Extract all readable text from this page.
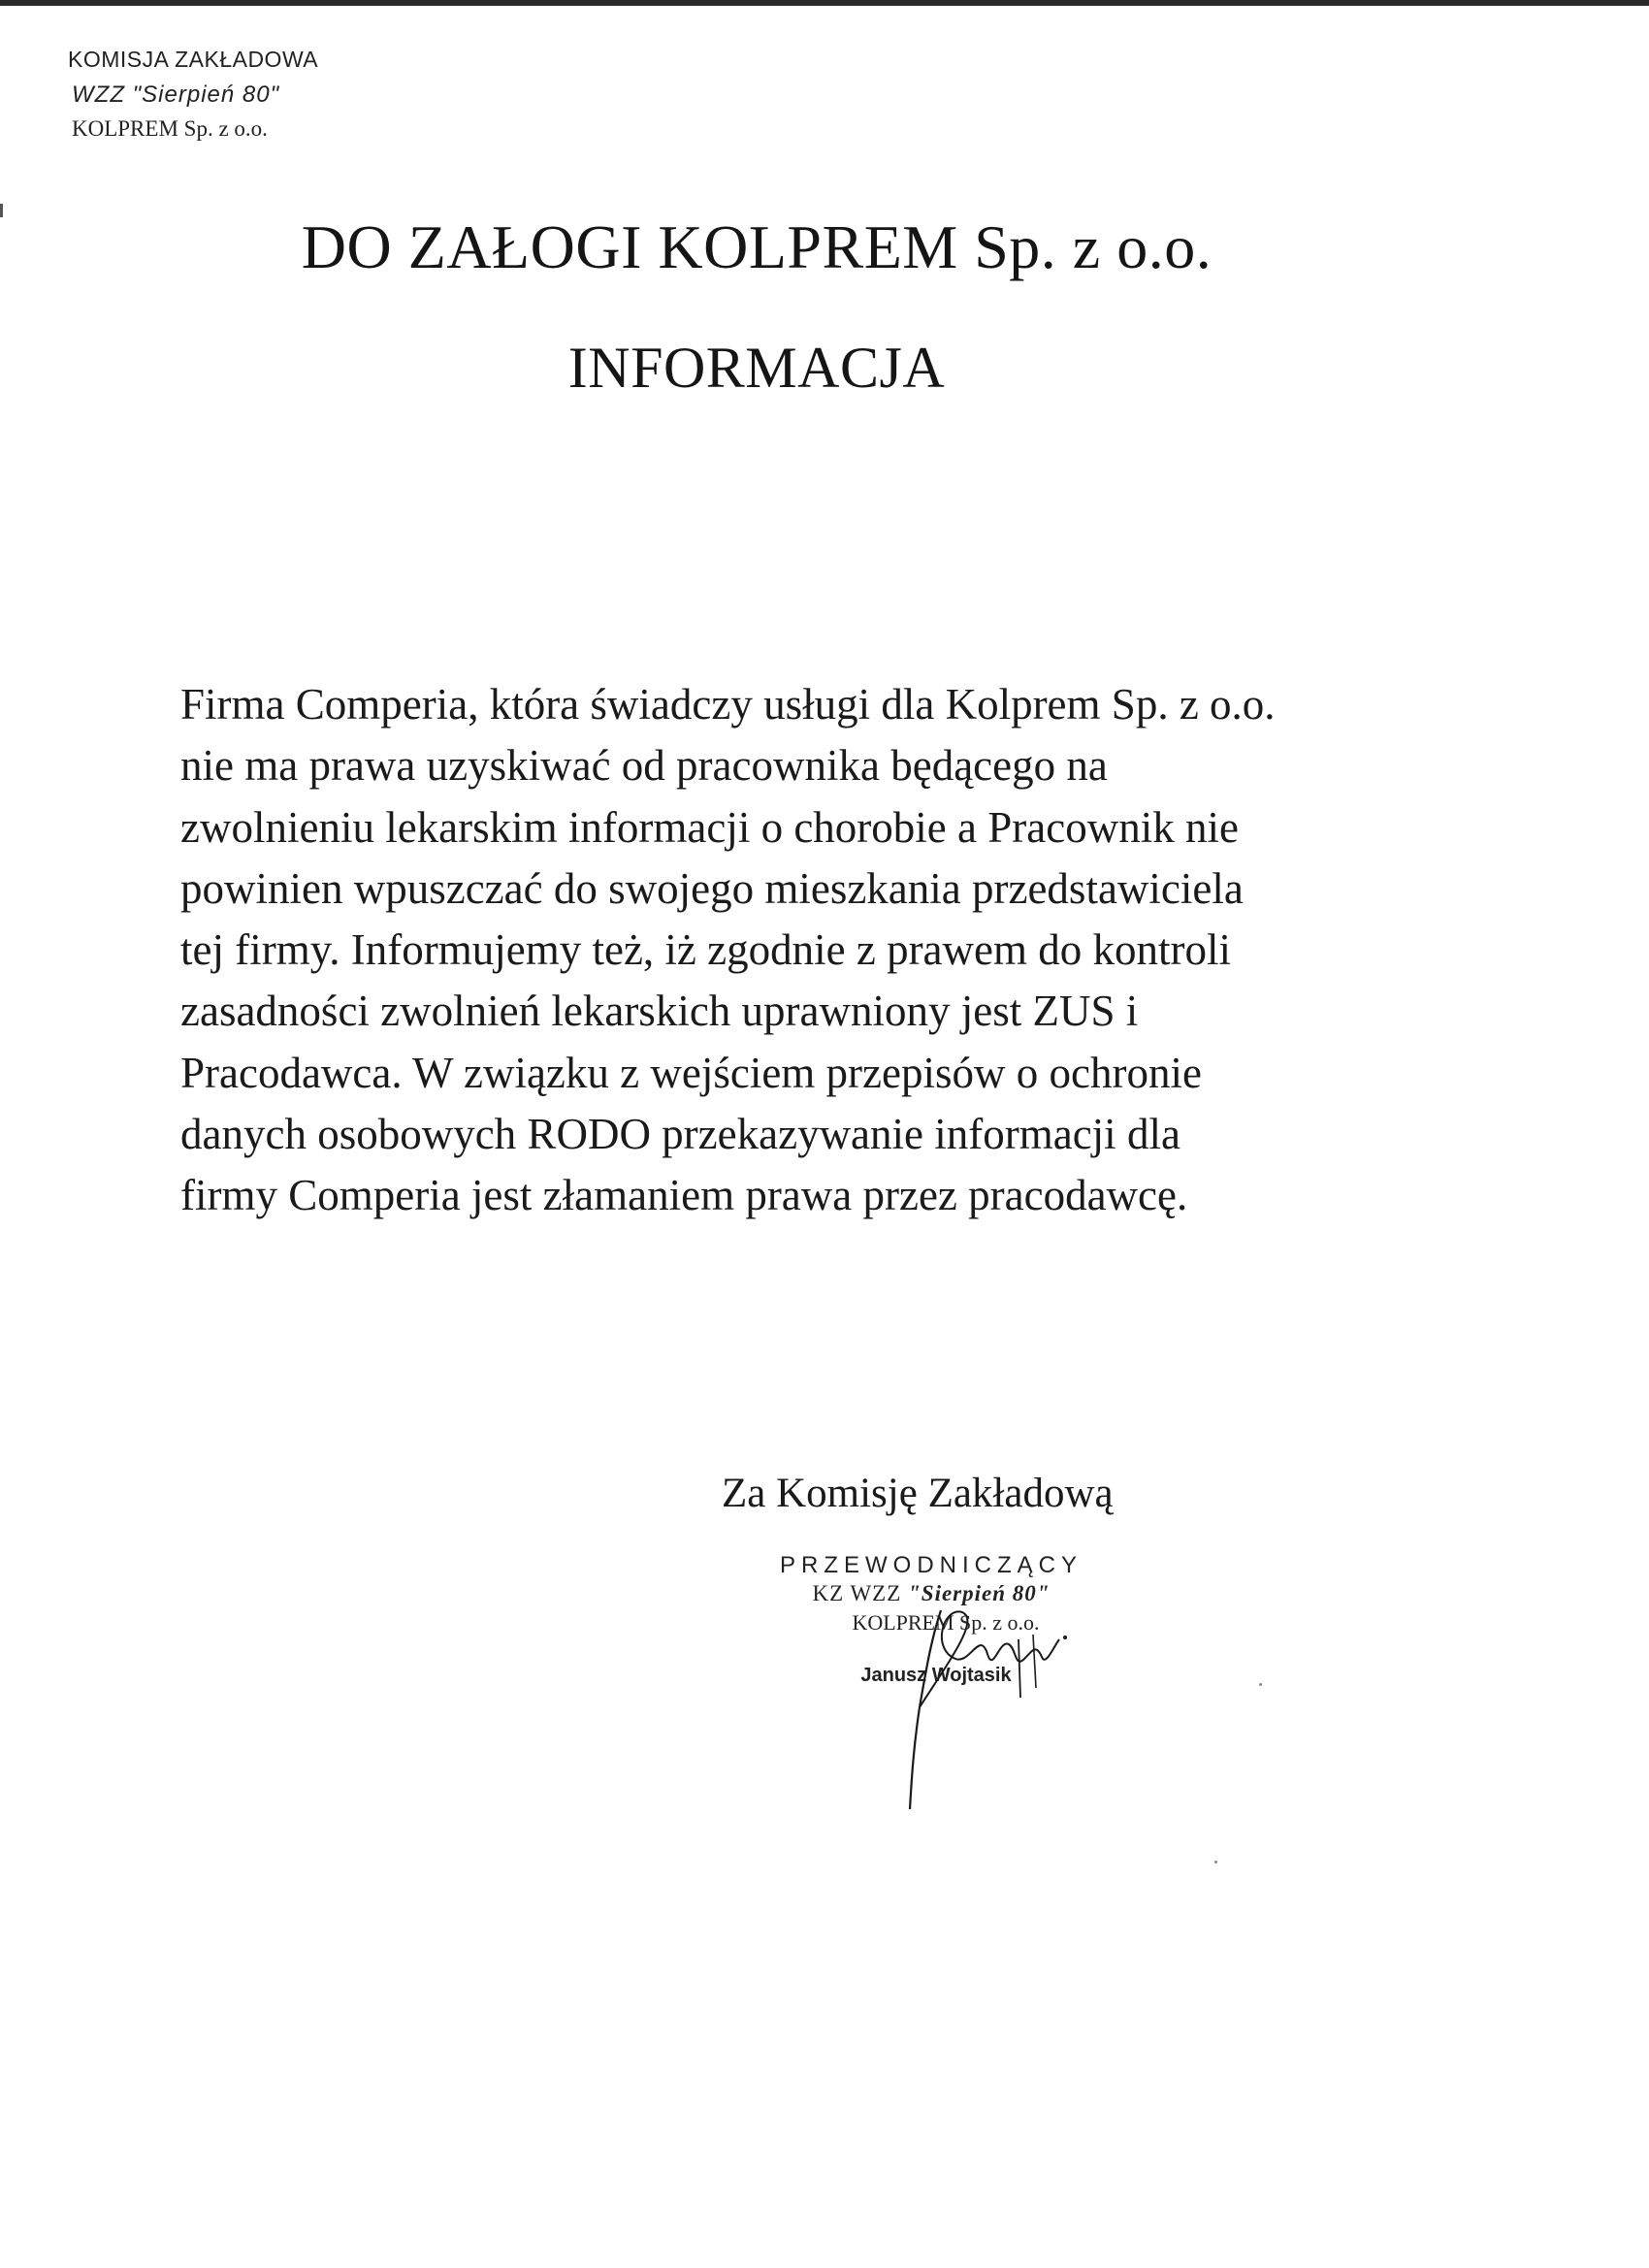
KOMISJA ZAKŁADOWA
WZZ "Sierpień 80"
KOLPREM Sp. z o.o.
DO ZAŁOGI KOLPREM Sp. z o.o.
INFORMACJA
Firma Comperia, która świadczy usługi dla Kolprem Sp. z o.o.
nie ma prawa uzyskiwać od pracownika będącego na
zwolnieniu lekarskim informacji o chorobie a Pracownik nie
powinien wpuszczać do swojego mieszkania przedstawiciela
tej firmy. Informujemy też, iż zgodnie z prawem do kontroli
zasadności zwolnień lekarskich uprawniony jest ZUS i
Pracodawca. W związku z wejściem przepisów o ochronie
danych osobowych RODO przekazywanie informacji dla
firmy Comperia jest złamaniem prawa przez pracodawcę.
Za Komisję Zakładową
PRZEWODNICZĄCY
KZ WZZ "Sierpień 80"
KOLPREM Sp. z o.o.
Janusz Wojtasik
